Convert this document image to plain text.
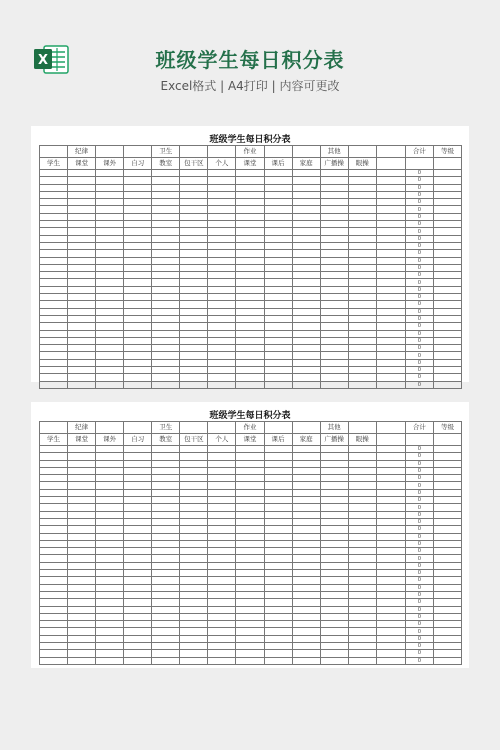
X	班级学生每日积分表
Excel格式 | A4打印 | 内容可更改
班级学生每日积分表
	纪律			卫生			作业			其他			合计	等级
学生	课堂	课外	自习	教室	包干区	个人	课堂	课后	家庭	广播操	眼操			
													0	
													0	
													0	
													0	
													0	
													0	
													0	
													0	
													0	
													0	
													0	
													0	
													0	
													0	
													0	
													0	
													0	
													0	
													0	
													0	
													0	
													0	
													0	
													0	
													0	
													0	
													0	
													0	
													0	
													0	
班级学生每日积分表
	纪律			卫生			作业			其他			合计	等级
学生	课堂	课外	自习	教室	包干区	个人	课堂	课后	家庭	广播操	眼操			
													0	
													0	
													0	
													0	
													0	
													0	
													0	
													0	
													0	
													0	
													0	
													0	
													0	
													0	
													0	
													0	
													0	
													0	
													0	
													0	
													0	
													0	
													0	
													0	
													0	
													0	
													0	
													0	
													0	
													0	
